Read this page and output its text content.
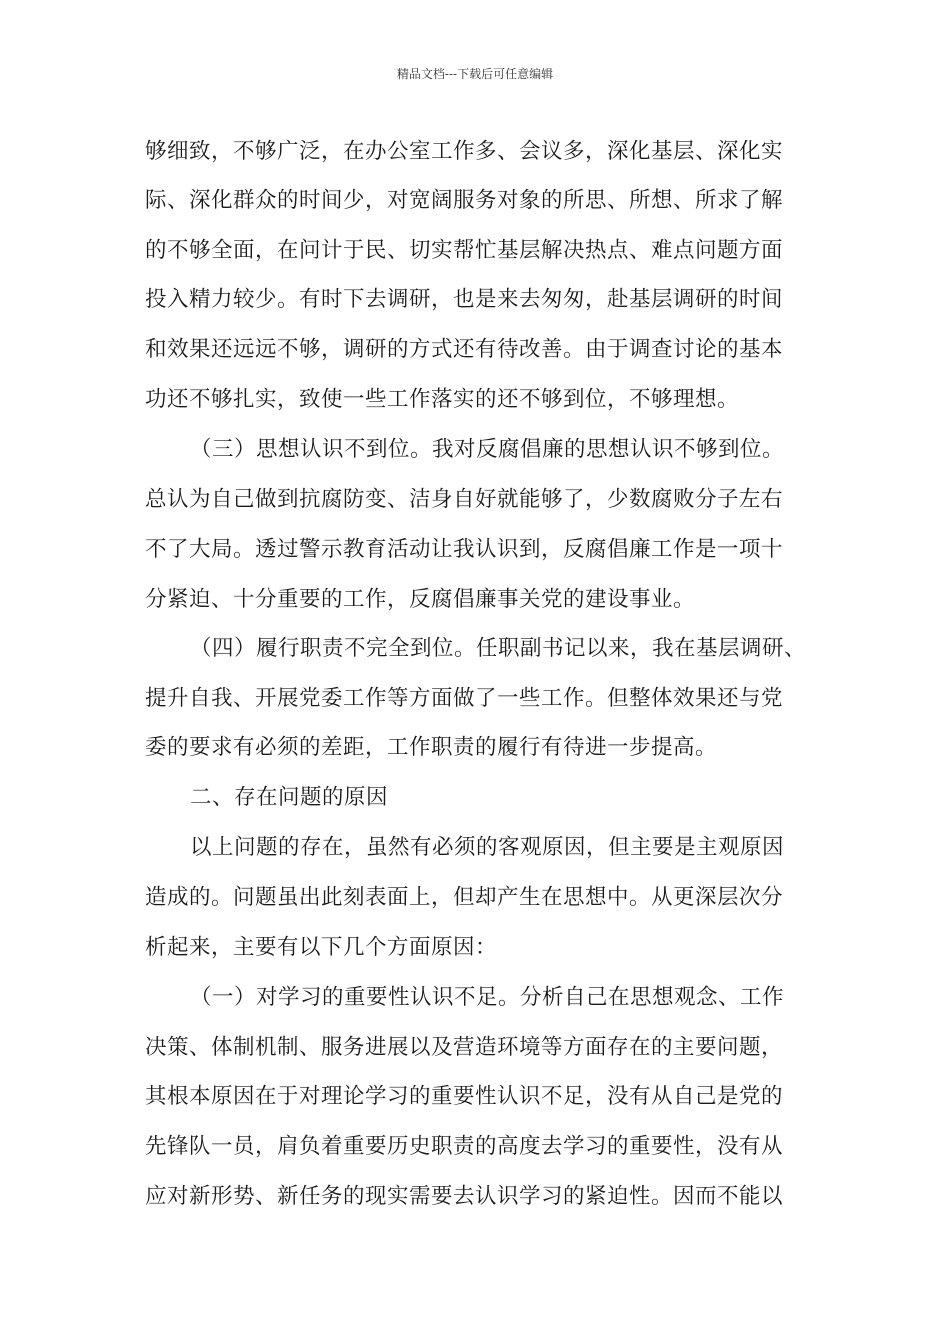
精品文档---下载后可任意编辑
够细致，不够广泛，在办公室工作多、会议多，深化基层、深化实
际、深化群众的时间少，对宽阔服务对象的所思、所想、所求了解
的不够全面，在问计于民、切实帮忙基层解决热点、难点问题方面
投入精力较少。有时下去调研，也是来去匆匆，赴基层调研的时间
和效果还远远不够，调研的方式还有待改善。由于调查讨论的基本
功还不够扎实，致使一些工作落实的还不够到位，不够理想。
（三）思想认识不到位。我对反腐倡廉的思想认识不够到位。
总认为自己做到抗腐防变、洁身自好就能够了，少数腐败分子左右
不了大局。透过警示教育活动让我认识到，反腐倡廉工作是一项十
分紧迫、十分重要的工作，反腐倡廉事关党的建设事业。
（四）履行职责不完全到位。任职副书记以来，我在基层调研、
提升自我、开展党委工作等方面做了一些工作。但整体效果还与党
委的要求有必须的差距，工作职责的履行有待进一步提高。
二、存在问题的原因
以上问题的存在，虽然有必须的客观原因，但主要是主观原因
造成的。问题虽出此刻表面上，但却产生在思想中。从更深层次分
析起来，主要有以下几个方面原因：
（一）对学习的重要性认识不足。分析自己在思想观念、工作
决策、体制机制、服务进展以及营造环境等方面存在的主要问题，
其根本原因在于对理论学习的重要性认识不足，没有从自己是党的
先锋队一员，肩负着重要历史职责的高度去学习的重要性，没有从
应对新形势、新任务的现实需要去认识学习的紧迫性。因而不能以
